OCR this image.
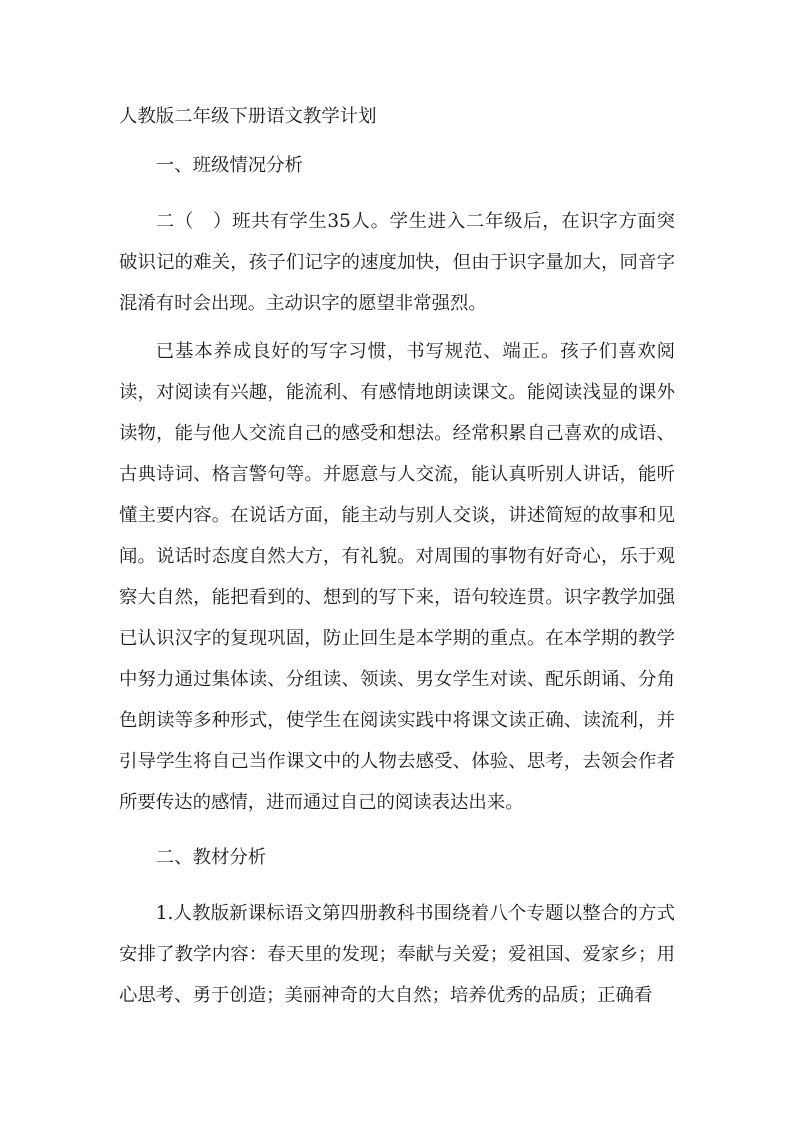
人教版二年级下册语文教学计划
一、班级情况分析

二（　）班共有学生35人。学生进入二年级后，在识字方面突破识记的难关，孩子们记字的速度加快，但由于识字量加大，同音字混淆有时会出现。主动识字的愿望非常强烈。

已基本养成良好的写字习惯，书写规范、端正。孩子们喜欢阅读，对阅读有兴趣，能流利、有感情地朗读课文。能阅读浅显的课外读物，能与他人交流自己的感受和想法。经常积累自己喜欢的成语、古典诗词、格言警句等。并愿意与人交流，能认真听别人讲话，能听懂主要内容。在说话方面，能主动与别人交谈，讲述简短的故事和见闻。说话时态度自然大方，有礼貌。对周围的事物有好奇心，乐于观察大自然，能把看到的、想到的写下来，语句较连贯。识字教学加强已认识汉字的复现巩固，防止回生是本学期的重点。在本学期的教学中努力通过集体读、分组读、领读、男女学生对读、配乐朗诵、分角色朗读等多种形式，使学生在阅读实践中将课文读正确、读流利，并引导学生将自己当作课文中的人物去感受、体验、思考，去领会作者所要传达的感情，进而通过自己的阅读表达出来。

二、教材分析

1.人教版新课标语文第四册教科书围绕着八个专题以整合的方式安排了教学内容：春天里的发现；奉献与关爱；爱祖国、爱家乡；用心思考、勇于创造；美丽神奇的大自然；培养优秀的品质；正确看
